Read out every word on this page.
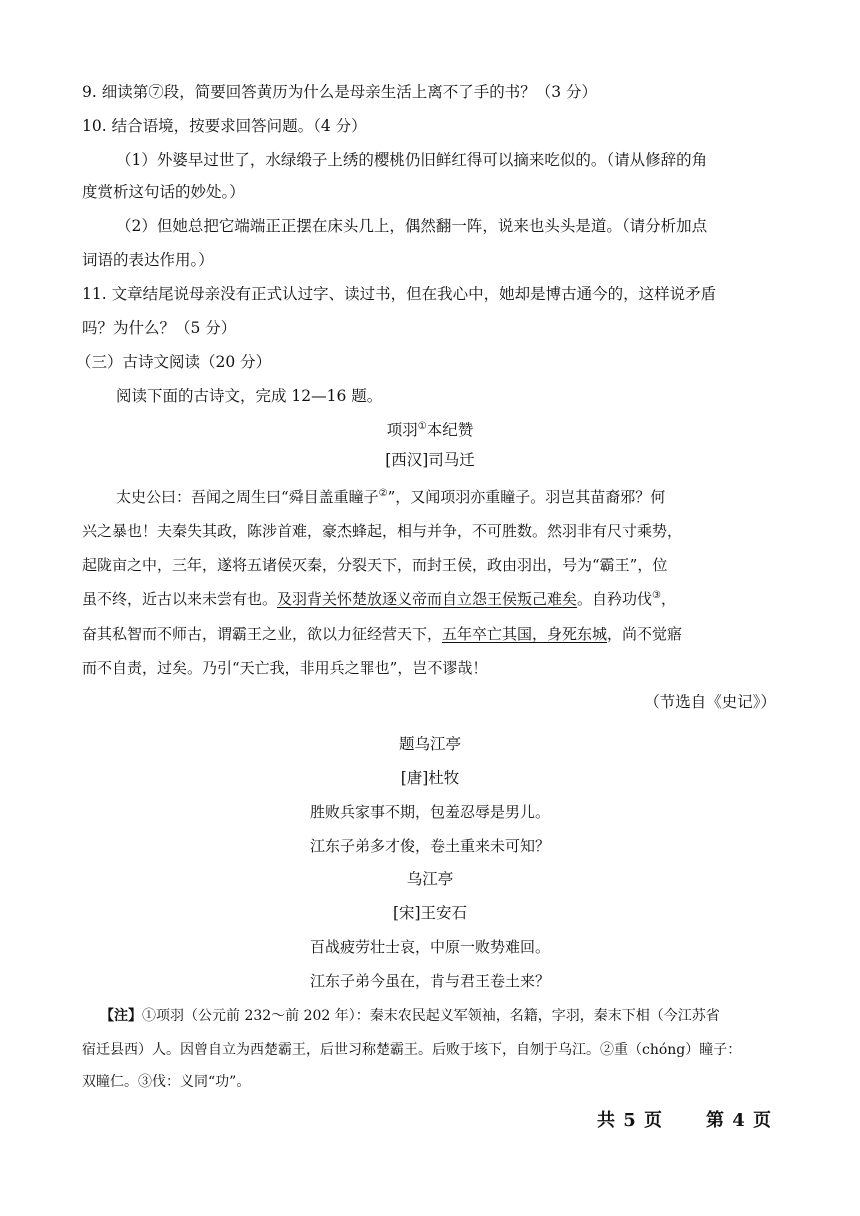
9. 细读第⑦段，简要回答黄历为什么是母亲生活上离不了手的书？（3 分）
10. 结合语境，按要求回答问题。（4 分）
（1）外婆早过世了，水绿缎子上绣的樱桃仍旧鲜红得可以摘来吃似的。（请从修辞的角
度赏析这句话的妙处。）
（2）但她总把它端端正正摆在床头几上，偶然翻一阵，说来也头头是道。（请分析加点
词语的表达作用。）
11. 文章结尾说母亲没有正式认过字、读过书，但在我心中，她却是博古通今的，这样说矛盾
吗？为什么？（5 分）
（三）古诗文阅读（20 分）
阅读下面的古诗文，完成 12—16 题。
项羽①本纪赞
[西汉]司马迁
太史公曰：吾闻之周生曰“舜目盖重瞳子②”，又闻项羽亦重瞳子。羽岂其苗裔邪？何
兴之暴也！夫秦失其政，陈涉首难，豪杰蜂起，相与并争，不可胜数。然羽非有尺寸乘势，
起陇亩之中，三年，遂将五诸侯灭秦，分裂天下，而封王侯，政由羽出，号为“霸王”，位
虽不终，近古以来未尝有也。及羽背关怀楚放逐义帝而自立怨王侯叛己难矣。自矜功伐③，
奋其私智而不师古，谓霸王之业，欲以力征经营天下，五年卒亡其国，身死东城，尚不觉寤
而不自责，过矣。乃引“天亡我，非用兵之罪也”，岂不谬哉！
（节选自《史记》）
题乌江亭
[唐]杜牧
胜败兵家事不期，包羞忍辱是男儿。
江东子弟多才俊，卷土重来未可知？
乌江亭
[宋]王安石
百战疲劳壮士哀，中原一败势难回。
江东子弟今虽在，肯与君王卷土来？
【注】①项羽（公元前 232～前 202 年）：秦末农民起义军领袖，名籍，字羽，秦末下相（今江苏省
宿迁县西）人。因曾自立为西楚霸王，后世习称楚霸王。后败于垓下，自刎于乌江。②重（chóng）瞳子：
双瞳仁。③伐：义同“功”。
共 5 页 第 4 页
